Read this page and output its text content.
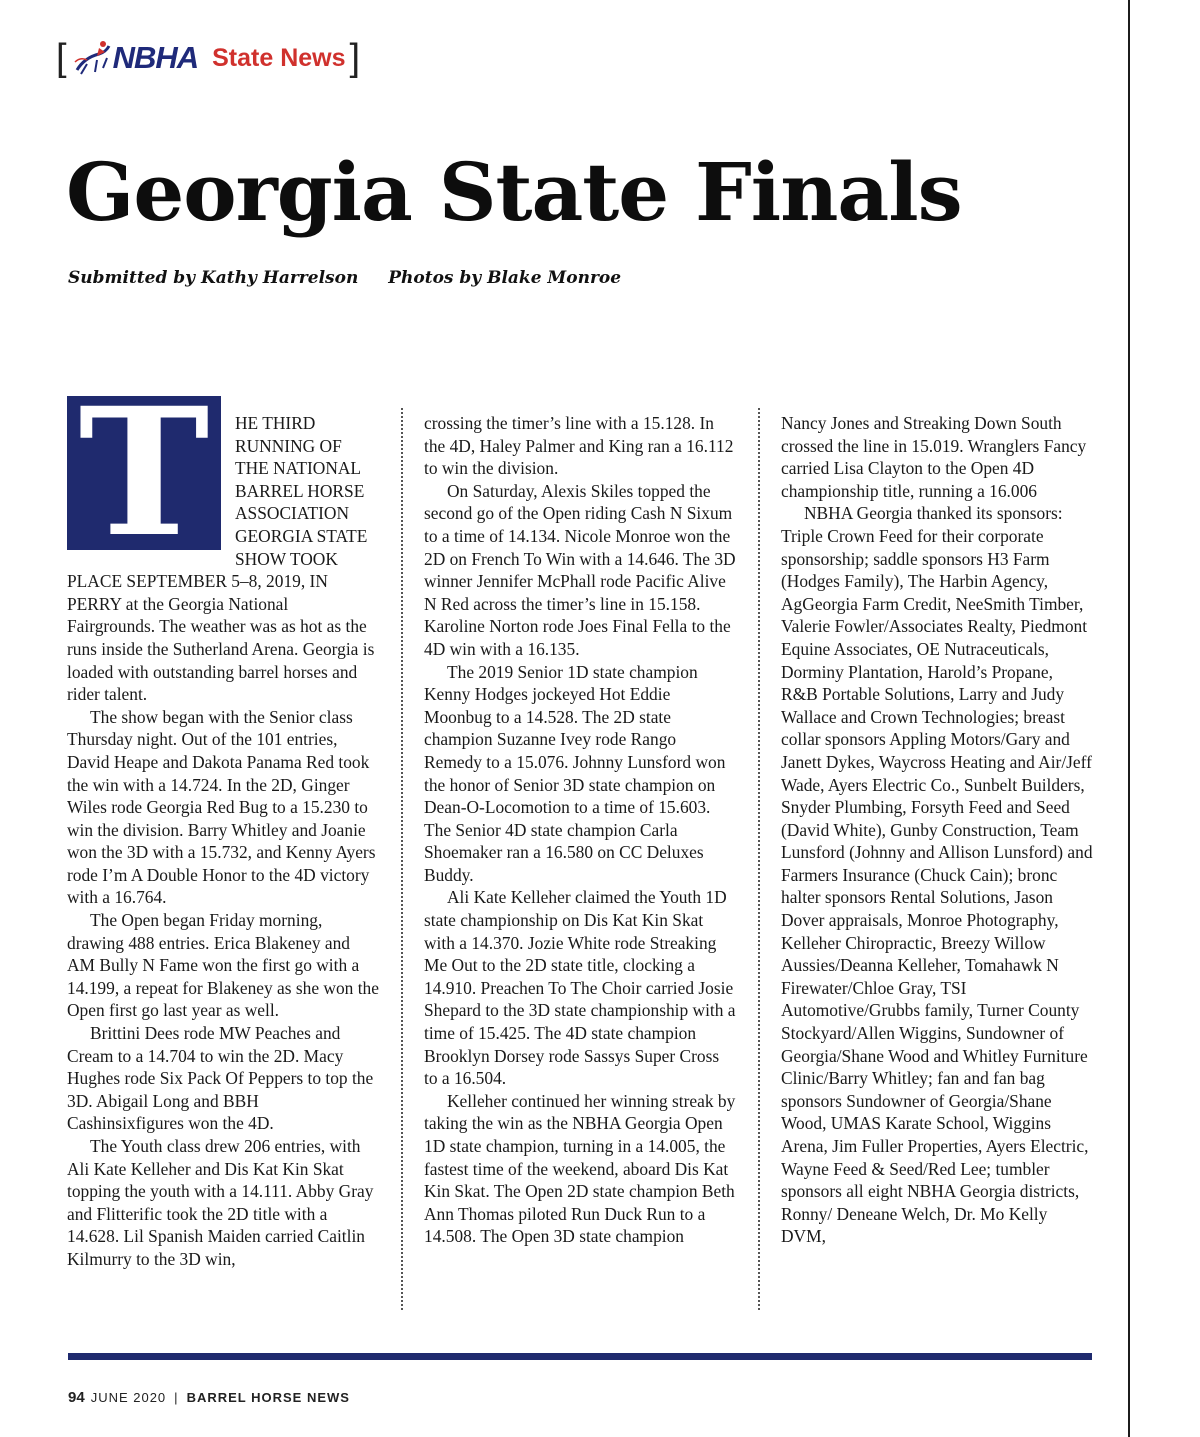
[ NBHA State News ]
Georgia State Finals
Submitted by Kathy Harrelson Photos by Blake Monroe
T	HE THIRD RUNNING OF THE NATIONAL BARREL HORSE ASSOCIATION GEORGIA STATE SHOW TOOK PLACE SEPTEMBER 5–8, 2019, IN PERRY at the Georgia National Fairgrounds. The weather was as hot as the runs inside the Sutherland Arena. Georgia is loaded with outstanding barrel horses and rider talent.

The show began with the Senior class Thursday night. Out of the 101 entries, David Heape and Dakota Panama Red took the win with a 14.724. In the 2D, Ginger Wiles rode Georgia Red Bug to a 15.230 to win the division. Barry Whitley and Joanie won the 3D with a 15.732, and Kenny Ayers rode I’m A Double Honor to the 4D victory with a 16.764.

The Open began Friday morning, drawing 488 entries. Erica Blakeney and AM Bully N Fame won the first go with a 14.199, a repeat for Blakeney as she won the Open first go last year as well.

Brittini Dees rode MW Peaches and Cream to a 14.704 to win the 2D. Macy Hughes rode Six Pack Of Peppers to top the 3D. Abigail Long and BBH Cashinsixfigures won the 4D.

The Youth class drew 206 entries, with Ali Kate Kelleher and Dis Kat Kin Skat topping the youth with a 14.111. Abby Gray and Flitterific took the 2D title with a 14.628. Lil Spanish Maiden carried Caitlin Kilmurry to the 3D win,

crossing the timer’s line with a 15.128. In the 4D, Haley Palmer and King ran a 16.112 to win the division.

On Saturday, Alexis Skiles topped the second go of the Open riding Cash N Sixum to a time of 14.134. Nicole Monroe won the 2D on French To Win with a 14.646. The 3D winner Jennifer McPhall rode Pacific Alive N Red across the timer’s line in 15.158. Karoline Norton rode Joes Final Fella to the 4D win with a 16.135.

The 2019 Senior 1D state champion Kenny Hodges jockeyed Hot Eddie Moonbug to a 14.528. The 2D state champion Suzanne Ivey rode Rango Remedy to a 15.076. Johnny Lunsford won the honor of Senior 3D state champion on Dean-O-Locomotion to a time of 15.603. The Senior 4D state champion Carla Shoemaker ran a 16.580 on CC Deluxes Buddy.

Ali Kate Kelleher claimed the Youth 1D state championship on Dis Kat Kin Skat with a 14.370. Jozie White rode Streaking Me Out to the 2D state title, clocking a 14.910. Preachen To The Choir carried Josie Shepard to the 3D state championship with a time of 15.425. The 4D state champion Brooklyn Dorsey rode Sassys Super Cross to a 16.504.

Kelleher continued her winning streak by taking the win as the NBHA Georgia Open 1D state champion, turning in a 14.005, the fastest time of the weekend, aboard Dis Kat Kin Skat. The Open 2D state champion Beth Ann Thomas piloted Run Duck Run to a 14.508. The Open 3D state champion

Nancy Jones and Streaking Down South crossed the line in 15.019. Wranglers Fancy carried Lisa Clayton to the Open 4D championship title, running a 16.006

NBHA Georgia thanked its sponsors: Triple Crown Feed for their corporate sponsorship; saddle sponsors H3 Farm (Hodges Family), The Harbin Agency, AgGeorgia Farm Credit, NeeSmith Timber, Valerie Fowler/Associates Realty, Piedmont Equine Associates, OE Nutraceuticals, Dorminy Plantation, Harold’s Propane, R&B Portable Solutions, Larry and Judy Wallace and Crown Technologies; breast collar sponsors Appling Motors/Gary and Janett Dykes, Waycross Heating and Air/Jeff Wade, Ayers Electric Co., Sunbelt Builders, Snyder Plumbing, Forsyth Feed and Seed (David White), Gunby Construction, Team Lunsford (Johnny and Allison Lunsford) and Farmers Insurance (Chuck Cain); bronc halter sponsors Rental Solutions, Jason Dover appraisals, Monroe Photography, Kelleher Chiropractic, Breezy Willow Aussies/Deanna Kelleher, Tomahawk N Firewater/Chloe Gray, TSI Automotive/Grubbs family, Turner County Stockyard/Allen Wiggins, Sundowner of Georgia/Shane Wood and Whitley Furniture Clinic/Barry Whitley; fan and fan bag sponsors Sundowner of Georgia/Shane Wood, UMAS Karate School, Wiggins Arena, Jim Fuller Properties, Ayers Electric, Wayne Feed & Seed/Red Lee; tumbler sponsors all eight NBHA Georgia districts, Ronny/ Deneane Welch, Dr. Mo Kelly DVM,

94 JUNE 2020 | BARREL HORSE NEWS
